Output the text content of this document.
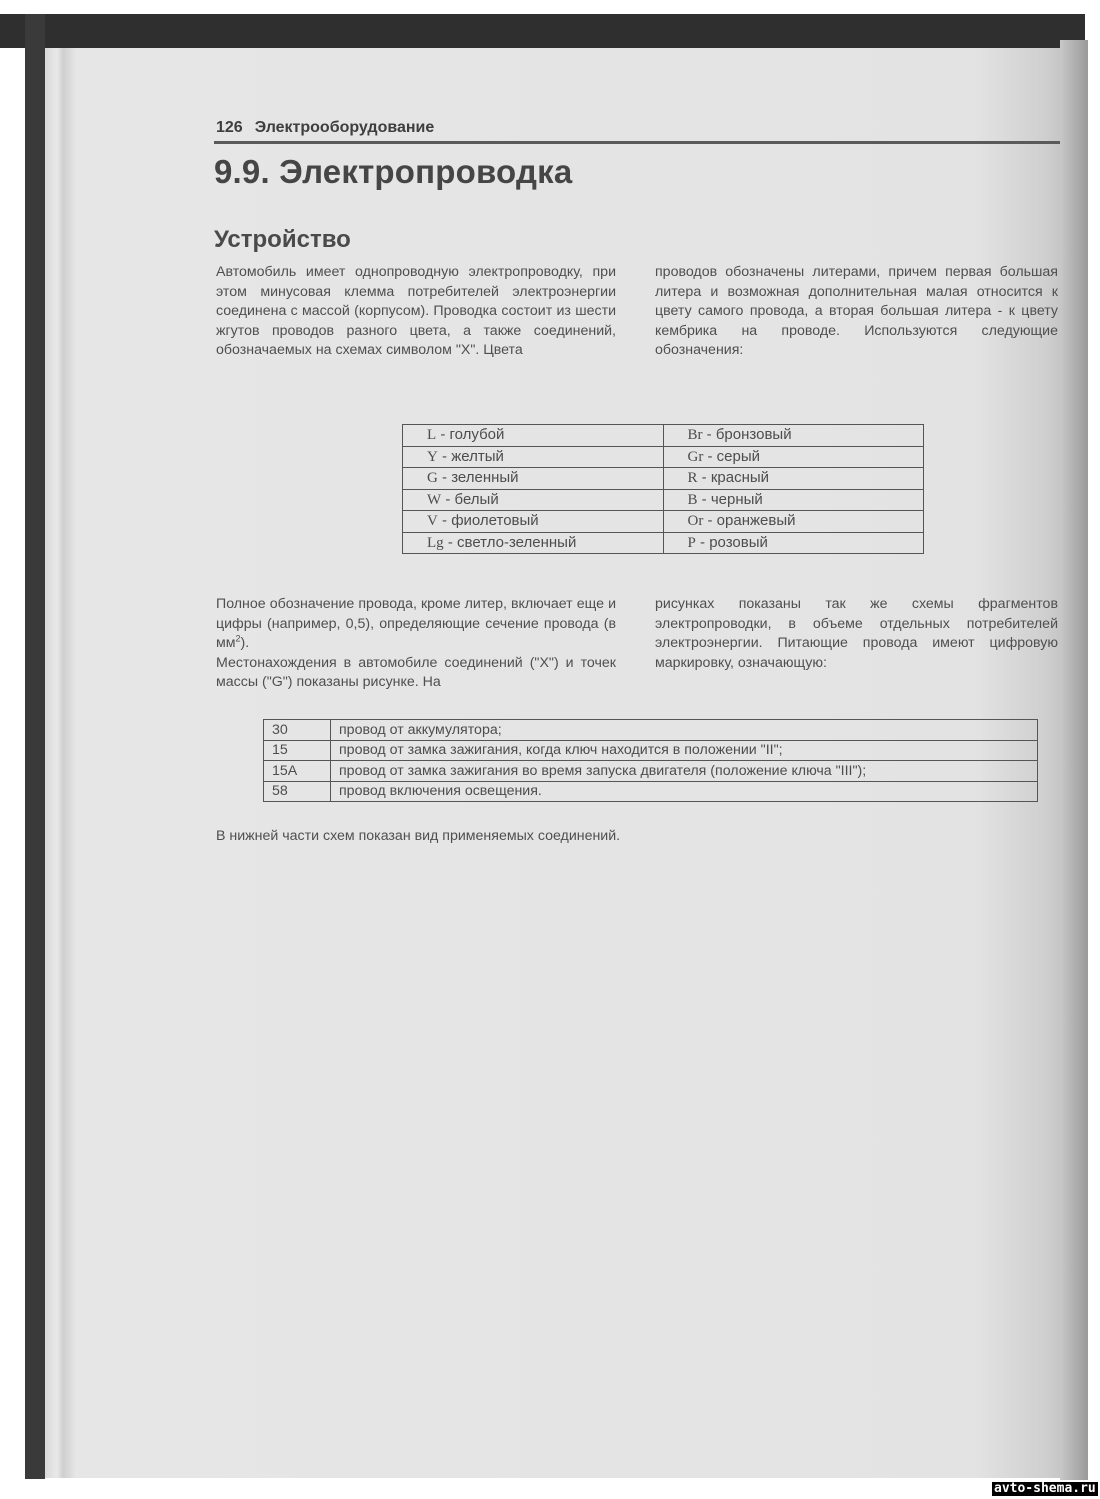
126 Электрооборудование
9.9. Электропроводка
Устройство

Автомобиль имеет однопроводную электропроводку, при этом минусовая клемма потребителей электроэнергии соединена с массой (корпусом). Проводка состоит из шести жгутов проводов разного цвета, а также соединений, обозначаемых на схемах символом "X". Цвета

проводов обозначены литерами, причем первая большая литера и возможная дополнительная малая относится к цвету самого провода, а вторая большая литера - к цвету кембрика на проводе. Используются следующие обозначения:

L - голубой	Br - бронзовый
Y - желтый	Gr - серый
G - зеленный	R - красный
W - белый	B - черный
V - фиолетовый	Or - оранжевый
Lg - светло-зеленный	P - розовый

Полное обозначение провода, кроме литер, включает еще и цифры (например, 0,5), определяющие сечение провода (в $мм^2$).

Местонахождения в автомобиле соединений ("X") и точек массы ("G") показаны рисунке. На

рисунках показаны так же схемы фрагментов электропроводки, в объеме отдельных потребителей электроэнергии. Питающие провода имеют цифровую маркировку, означающую:

30	провод от аккумулятора;
15	провод от замка зажигания, когда ключ находится в положении "II";
15A	провод от замка зажигания во время запуска двигателя (положение ключа "III");
58	провод включения освещения.
В нижней части схем показан вид применяемых соединений.
avto-shema.ru
